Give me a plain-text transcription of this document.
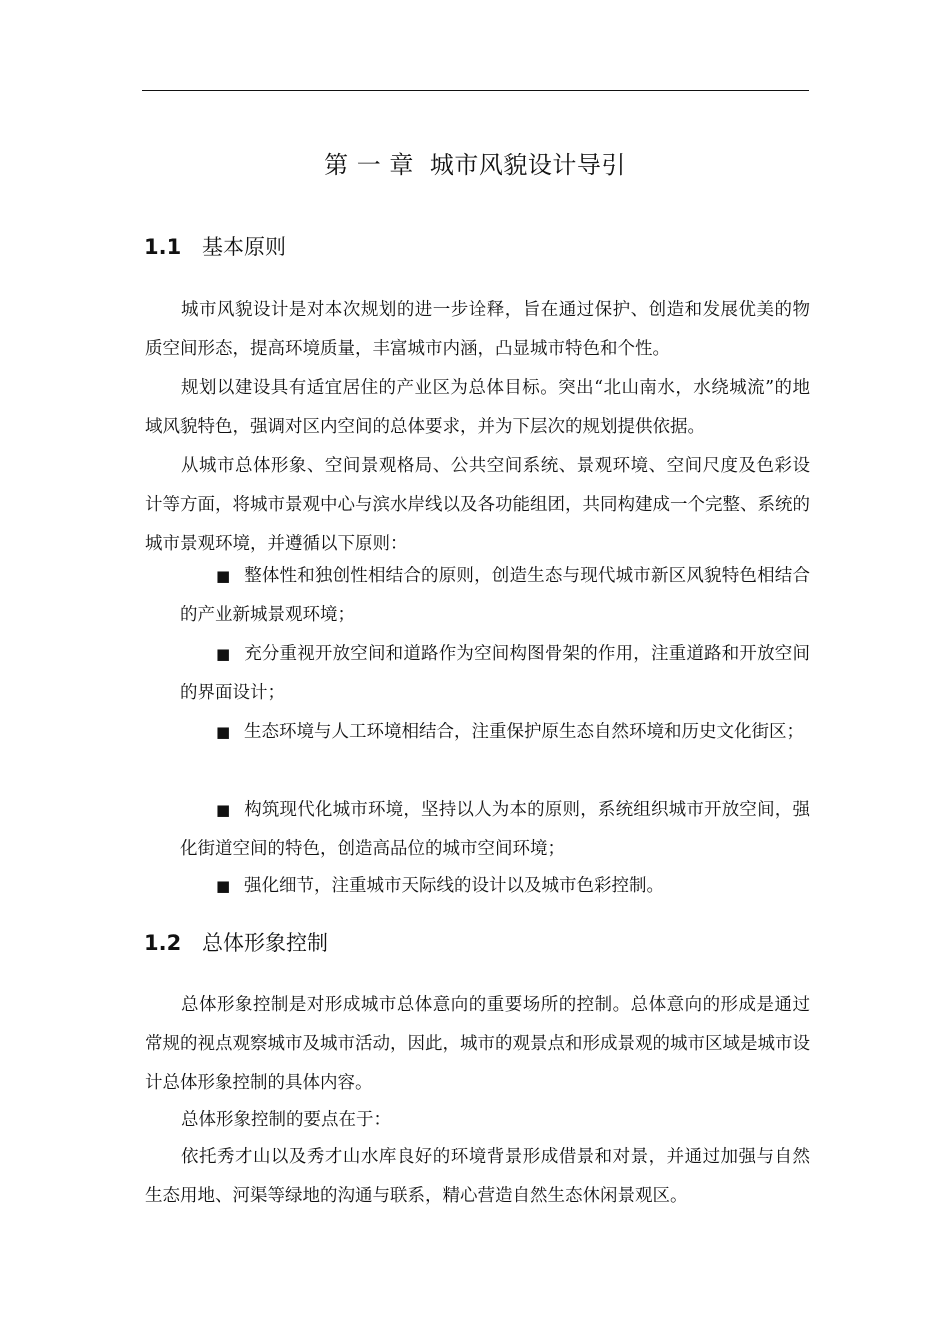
第 一 章 城市风貌设计导引
1.1 基本原则

城市风貌设计是对本次规划的进一步诠释，旨在通过保护、创造和发展优美的物质空间形态，提高环境质量，丰富城市内涵，凸显城市特色和个性。

规划以建设具有适宜居住的产业区为总体目标。突出“北山南水，水绕城流”的地域风貌特色，强调对区内空间的总体要求，并为下层次的规划提供依据。

从城市总体形象、空间景观格局、公共空间系统、景观环境、空间尺度及色彩设计等方面，将城市景观中心与滨水岸线以及各功能组团，共同构建成一个完整、系统的城市景观环境，并遵循以下原则：

■ 整体性和独创性相结合的原则，创造生态与现代城市新区风貌特色相结合的产业新城景观环境；

■ 充分重视开放空间和道路作为空间构图骨架的作用，注重道路和开放空间的界面设计；

■ 生态环境与人工环境相结合，注重保护原生态自然环境和历史文化街区；

■ 构筑现代化城市环境，坚持以人为本的原则，系统组织城市开放空间，强化街道空间的特色，创造高品位的城市空间环境；

■ 强化细节，注重城市天际线的设计以及城市色彩控制。

1.2 总体形象控制

总体形象控制是对形成城市总体意向的重要场所的控制。总体意向的形成是通过常规的视点观察城市及城市活动，因此，城市的观景点和形成景观的城市区域是城市设计总体形象控制的具体内容。

总体形象控制的要点在于：

依托秀才山以及秀才山水库良好的环境背景形成借景和对景，并通过加强与自然生态用地、河渠等绿地的沟通与联系，精心营造自然生态休闲景观区。
